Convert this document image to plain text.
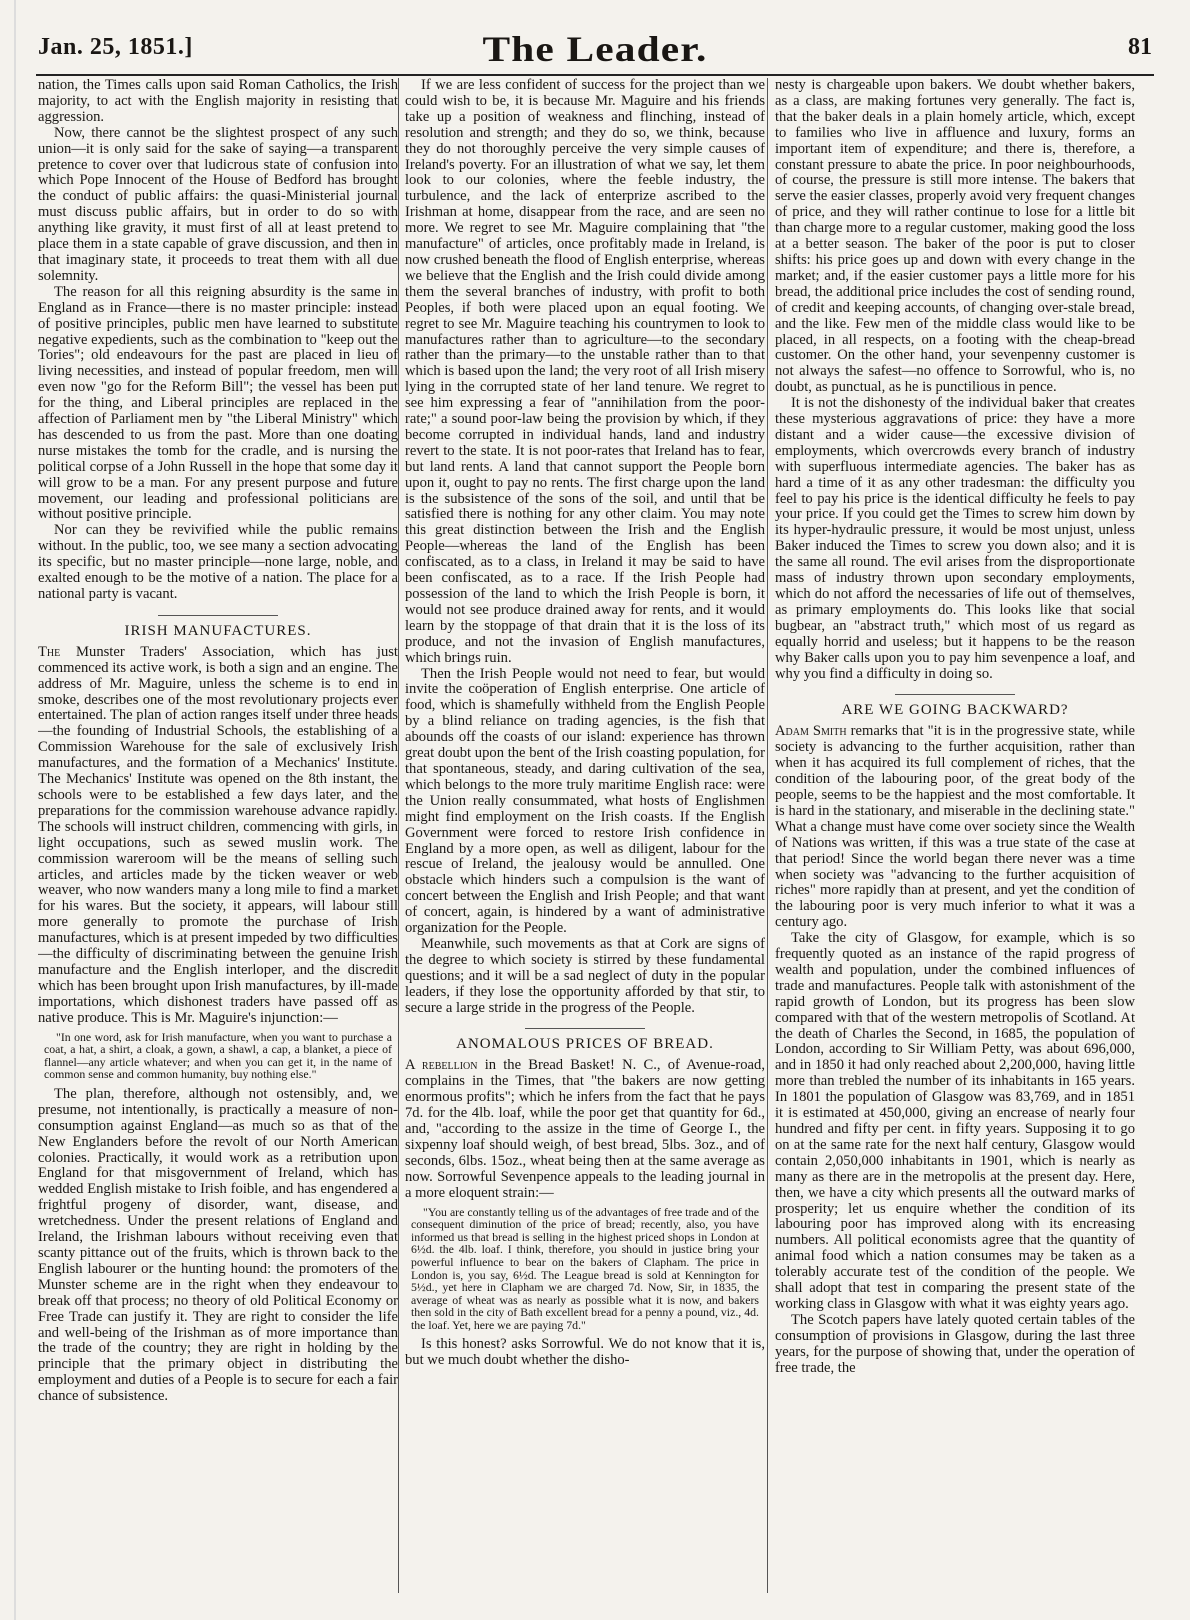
Jan. 25, 1851.]	The Leader.	81

nation, the Times calls upon said Roman Catholics, the Irish majority, to act with the English majority in resisting that aggression.

Now, there cannot be the slightest prospect of any such union—it is only said for the sake of saying—a transparent pretence to cover over that ludicrous state of confusion into which Pope Innocent of the House of Bedford has brought the conduct of public affairs: the quasi-Ministerial journal must discuss public affairs, but in order to do so with anything like gravity, it must first of all at least pretend to place them in a state capable of grave discussion, and then in that imaginary state, it proceeds to treat them with all due solemnity.

The reason for all this reigning absurdity is the same in England as in France—there is no master principle: instead of positive principles, public men have learned to substitute negative expedients, such as the combination to "keep out the Tories"; old endeavours for the past are placed in lieu of living necessities, and instead of popular freedom, men will even now "go for the Reform Bill"; the vessel has been put for the thing, and Liberal principles are replaced in the affection of Parliament men by "the Liberal Ministry" which has descended to us from the past. More than one doating nurse mistakes the tomb for the cradle, and is nursing the political corpse of a John Russell in the hope that some day it will grow to be a man. For any present purpose and future movement, our leading and professional politicians are without positive principle.

Nor can they be revivified while the public remains without. In the public, too, we see many a section advocating its specific, but no master principle—none large, noble, and exalted enough to be the motive of a nation. The place for a national party is vacant.

IRISH MANUFACTURES.

The Munster Traders' Association, which has just commenced its active work, is both a sign and an engine. The address of Mr. Maguire, unless the scheme is to end in smoke, describes one of the most revolutionary projects ever entertained. The plan of action ranges itself under three heads—the founding of Industrial Schools, the establishing of a Commission Warehouse for the sale of exclusively Irish manufactures, and the formation of a Mechanics' Institute. The Mechanics' Institute was opened on the 8th instant, the schools were to be established a few days later, and the preparations for the commission warehouse advance rapidly. The schools will instruct children, commencing with girls, in light occupations, such as sewed muslin work. The commission wareroom will be the means of selling such articles, and articles made by the ticken weaver or web weaver, who now wanders many a long mile to find a market for his wares. But the society, it appears, will labour still more generally to promote the purchase of Irish manufactures, which is at present impeded by two difficulties—the difficulty of discriminating between the genuine Irish manufacture and the English interloper, and the discredit which has been brought upon Irish manufactures, by ill-made importations, which dishonest traders have passed off as native produce. This is Mr. Maguire's injunction:—

"In one word, ask for Irish manufacture, when you want to purchase a coat, a hat, a shirt, a cloak, a gown, a shawl, a cap, a blanket, a piece of flannel—any article whatever; and when you can get it, in the name of common sense and common humanity, buy nothing else."

The plan, therefore, although not ostensibly, and, we presume, not intentionally, is practically a measure of non-consumption against England—as much so as that of the New Englanders before the revolt of our North American colonies. Practically, it would work as a retribution upon England for that misgovernment of Ireland, which has wedded English mistake to Irish foible, and has engendered a frightful progeny of disorder, want, disease, and wretchedness. Under the present relations of England and Ireland, the Irishman labours without receiving even that scanty pittance out of the fruits, which is thrown back to the English labourer or the hunting hound: the promoters of the Munster scheme are in the right when they endeavour to break off that process; no theory of old Political Economy or Free Trade can justify it. They are right to consider the life and well-being of the Irishman as of more importance than the trade of the country; they are right in holding by the principle that the primary object in distributing the employment and duties of a People is to secure for each a fair chance of subsistence.

If we are less confident of success for the project than we could wish to be, it is because Mr. Maguire and his friends take up a position of weakness and flinching, instead of resolution and strength; and they do so, we think, because they do not thoroughly perceive the very simple causes of Ireland's poverty. For an illustration of what we say, let them look to our colonies, where the feeble industry, the turbulence, and the lack of enterprize ascribed to the Irishman at home, disappear from the race, and are seen no more. We regret to see Mr. Maguire complaining that "the manufacture" of articles, once profitably made in Ireland, is now crushed beneath the flood of English enterprise, whereas we believe that the English and the Irish could divide among them the several branches of industry, with profit to both Peoples, if both were placed upon an equal footing. We regret to see Mr. Maguire teaching his countrymen to look to manufactures rather than to agriculture—to the secondary rather than the primary—to the unstable rather than to that which is based upon the land; the very root of all Irish misery lying in the corrupted state of her land tenure. We regret to see him expressing a fear of "annihilation from the poor-rate;" a sound poor-law being the provision by which, if they become corrupted in individual hands, land and industry revert to the state. It is not poor-rates that Ireland has to fear, but land rents. A land that cannot support the People born upon it, ought to pay no rents. The first charge upon the land is the subsistence of the sons of the soil, and until that be satisfied there is nothing for any other claim. You may note this great distinction between the Irish and the English People—whereas the land of the English has been confiscated, as to a class, in Ireland it may be said to have been confiscated, as to a race. If the Irish People had possession of the land to which the Irish People is born, it would not see produce drained away for rents, and it would learn by the stoppage of that drain that it is the loss of its produce, and not the invasion of English manufactures, which brings ruin.

Then the Irish People would not need to fear, but would invite the coöperation of English enterprise. One article of food, which is shamefully withheld from the English People by a blind reliance on trading agencies, is the fish that abounds off the coasts of our island: experience has thrown great doubt upon the bent of the Irish coasting population, for that spontaneous, steady, and daring cultivation of the sea, which belongs to the more truly maritime English race: were the Union really consummated, what hosts of Englishmen might find employment on the Irish coasts. If the English Government were forced to restore Irish confidence in England by a more open, as well as diligent, labour for the rescue of Ireland, the jealousy would be annulled. One obstacle which hinders such a compulsion is the want of concert between the English and Irish People; and that want of concert, again, is hindered by a want of administrative organization for the People.

Meanwhile, such movements as that at Cork are signs of the degree to which society is stirred by these fundamental questions; and it will be a sad neglect of duty in the popular leaders, if they lose the opportunity afforded by that stir, to secure a large stride in the progress of the People.

ANOMALOUS PRICES OF BREAD.

A rebellion in the Bread Basket! N. C., of Avenue-road, complains in the Times, that "the bakers are now getting enormous profits"; which he infers from the fact that he pays 7d. for the 4lb. loaf, while the poor get that quantity for 6d., and, "according to the assize in the time of George I., the sixpenny loaf should weigh, of best bread, 5lbs. 3oz., and of seconds, 6lbs. 15oz., wheat being then at the same average as now. Sorrowful Sevenpence appeals to the leading journal in a more eloquent strain:—

"You are constantly telling us of the advantages of free trade and of the consequent diminution of the price of bread; recently, also, you have informed us that bread is selling in the highest priced shops in London at 6½d. the 4lb. loaf. I think, therefore, you should in justice bring your powerful influence to bear on the bakers of Clapham. The price in London is, you say, 6½d. The League bread is sold at Kennington for 5½d., yet here in Clapham we are charged 7d. Now, Sir, in 1835, the average of wheat was as nearly as possible what it is now, and bakers then sold in the city of Bath excellent bread for a penny a pound, viz., 4d. the loaf. Yet, here we are paying 7d."

Is this honest? asks Sorrowful. We do not know that it is, but we much doubt whether the disho-

nesty is chargeable upon bakers. We doubt whether bakers, as a class, are making fortunes very generally. The fact is, that the baker deals in a plain homely article, which, except to families who live in affluence and luxury, forms an important item of expenditure; and there is, therefore, a constant pressure to abate the price. In poor neighbourhoods, of course, the pressure is still more intense. The bakers that serve the easier classes, properly avoid very frequent changes of price, and they will rather continue to lose for a little bit than charge more to a regular customer, making good the loss at a better season. The baker of the poor is put to closer shifts: his price goes up and down with every change in the market; and, if the easier customer pays a little more for his bread, the additional price includes the cost of sending round, of credit and keeping accounts, of changing over-stale bread, and the like. Few men of the middle class would like to be placed, in all respects, on a footing with the cheap-bread customer. On the other hand, your sevenpenny customer is not always the safest—no offence to Sorrowful, who is, no doubt, as punctual, as he is punctilious in pence.

It is not the dishonesty of the individual baker that creates these mysterious aggravations of price: they have a more distant and a wider cause—the excessive division of employments, which overcrowds every branch of industry with superfluous intermediate agencies. The baker has as hard a time of it as any other tradesman: the difficulty you feel to pay his price is the identical difficulty he feels to pay your price. If you could get the Times to screw him down by its hyper-hydraulic pressure, it would be most unjust, unless Baker induced the Times to screw you down also; and it is the same all round. The evil arises from the disproportionate mass of industry thrown upon secondary employments, which do not afford the necessaries of life out of themselves, as primary employments do. This looks like that social bugbear, an "abstract truth," which most of us regard as equally horrid and useless; but it happens to be the reason why Baker calls upon you to pay him sevenpence a loaf, and why you find a difficulty in doing so.

ARE WE GOING BACKWARD?

Adam Smith remarks that "it is in the progressive state, while society is advancing to the further acquisition, rather than when it has acquired its full complement of riches, that the condition of the labouring poor, of the great body of the people, seems to be the happiest and the most comfortable. It is hard in the stationary, and miserable in the declining state." What a change must have come over society since the Wealth of Nations was written, if this was a true state of the case at that period! Since the world began there never was a time when society was "advancing to the further acquisition of riches" more rapidly than at present, and yet the condition of the labouring poor is very much inferior to what it was a century ago.

Take the city of Glasgow, for example, which is so frequently quoted as an instance of the rapid progress of wealth and population, under the combined influences of trade and manufactures. People talk with astonishment of the rapid growth of London, but its progress has been slow compared with that of the western metropolis of Scotland. At the death of Charles the Second, in 1685, the population of London, according to Sir William Petty, was about 696,000, and in 1850 it had only reached about 2,200,000, having little more than trebled the number of its inhabitants in 165 years. In 1801 the population of Glasgow was 83,769, and in 1851 it is estimated at 450,000, giving an encrease of nearly four hundred and fifty per cent. in fifty years. Supposing it to go on at the same rate for the next half century, Glasgow would contain 2,050,000 inhabitants in 1901, which is nearly as many as there are in the metropolis at the present day. Here, then, we have a city which presents all the outward marks of prosperity; let us enquire whether the condition of its labouring poor has improved along with its encreasing numbers. All political economists agree that the quantity of animal food which a nation consumes may be taken as a tolerably accurate test of the condition of the people. We shall adopt that test in comparing the present state of the working class in Glasgow with what it was eighty years ago.

The Scotch papers have lately quoted certain tables of the consumption of provisions in Glasgow, during the last three years, for the purpose of showing that, under the operation of free trade, the
